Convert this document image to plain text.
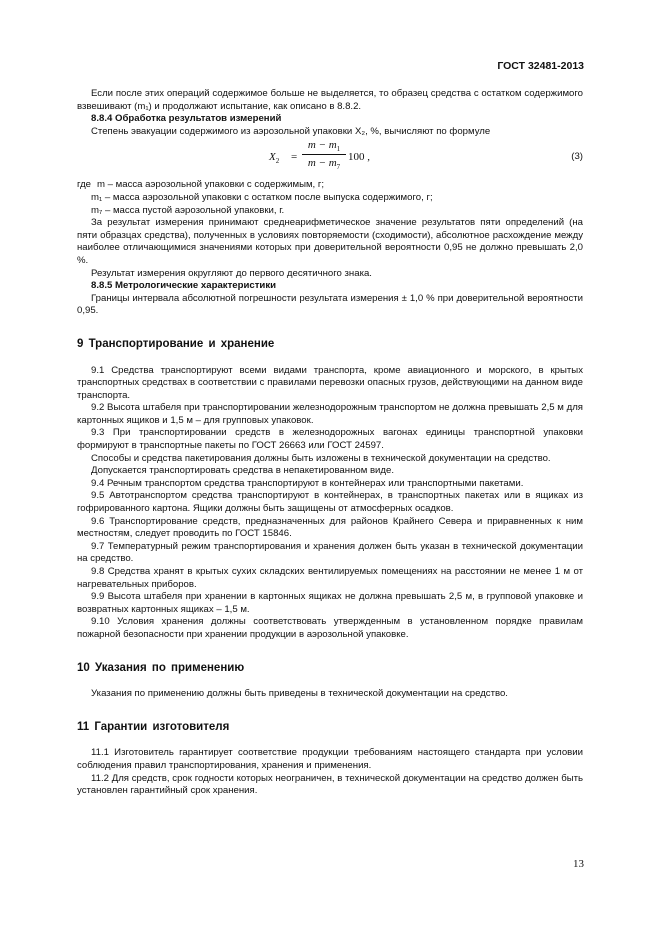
ГОСТ 32481-2013

Если после этих операций содержимое больше не выделяется, то образец средства с остатком содержимого взвешивают (m₁) и продолжают испытание, как описано в 8.8.2.

8.8.4 Обработка результатов измерений

Степень эвакуации содержимого из аэрозольной упаковки X₂, %, вычисляют по формуле

$X_2$ =
$m - m_1$
$m - m_7$
100 ,	(3)
где m – масса аэрозольной упаковки с содержимым, г;
m₁ – масса аэрозольной упаковки с остатком после выпуска содержимого, г;
m₇ – масса пустой аэрозольной упаковки, г.

За результат измерения принимают среднеарифметическое значение результатов пяти определений (на пяти образцах средства), полученных в условиях повторяемости (сходимости), абсолютное расхождение между наиболее отличающимися значениями которых при доверительной вероятности 0,95 не должно превышать 2,0 %.

Результат измерения округляют до первого десятичного знака.

8.8.5 Метрологические характеристики

Границы интервала абсолютной погрешности результата измерения ± 1,0 % при доверительной вероятности 0,95.

9 Транспортирование и хранение

9.1 Средства транспортируют всеми видами транспорта, кроме авиационного и морского, в крытых транспортных средствах в соответствии с правилами перевозки опасных грузов, действующими на данном виде транспорта.

9.2 Высота штабеля при транспортировании железнодорожным транспортом не должна превышать 2,5 м для картонных ящиков и 1,5 м – для групповых упаковок.

9.3 При транспортировании средств в железнодорожных вагонах единицы транспортной упаковки формируют в транспортные пакеты по ГОСТ 26663 или ГОСТ 24597.

Способы и средства пакетирования должны быть изложены в технической документации на средство.

Допускается транспортировать средства в непакетированном виде.

9.4 Речным транспортом средства транспортируют в контейнерах или транспортными пакетами.

9.5 Автотранспортом средства транспортируют в контейнерах, в транспортных пакетах или в ящиках из гофрированного картона. Ящики должны быть защищены от атмосферных осадков.

9.6 Транспортирование средств, предназначенных для районов Крайнего Севера и приравненных к ним местностям, следует проводить по ГОСТ 15846.

9.7 Температурный режим транспортирования и хранения должен быть указан в технической документации на средство.

9.8 Средства хранят в крытых сухих складских вентилируемых помещениях на расстоянии не менее 1 м от нагревательных приборов.

9.9 Высота штабеля при хранении в картонных ящиках не должна превышать 2,5 м, в групповой упаковке и возвратных картонных ящиках – 1,5 м.

9.10 Условия хранения должны соответствовать утвержденным в установленном порядке правилам пожарной безопасности при хранении продукции в аэрозольной упаковке.

10 Указания по применению

Указания по применению должны быть приведены в технической документации на средство.

11 Гарантии изготовителя

11.1 Изготовитель гарантирует соответствие продукции требованиям настоящего стандарта при условии соблюдения правил транспортирования, хранения и применения.

11.2 Для средств, срок годности которых неограничен, в технической документации на средство должен быть установлен гарантийный срок хранения.

13
